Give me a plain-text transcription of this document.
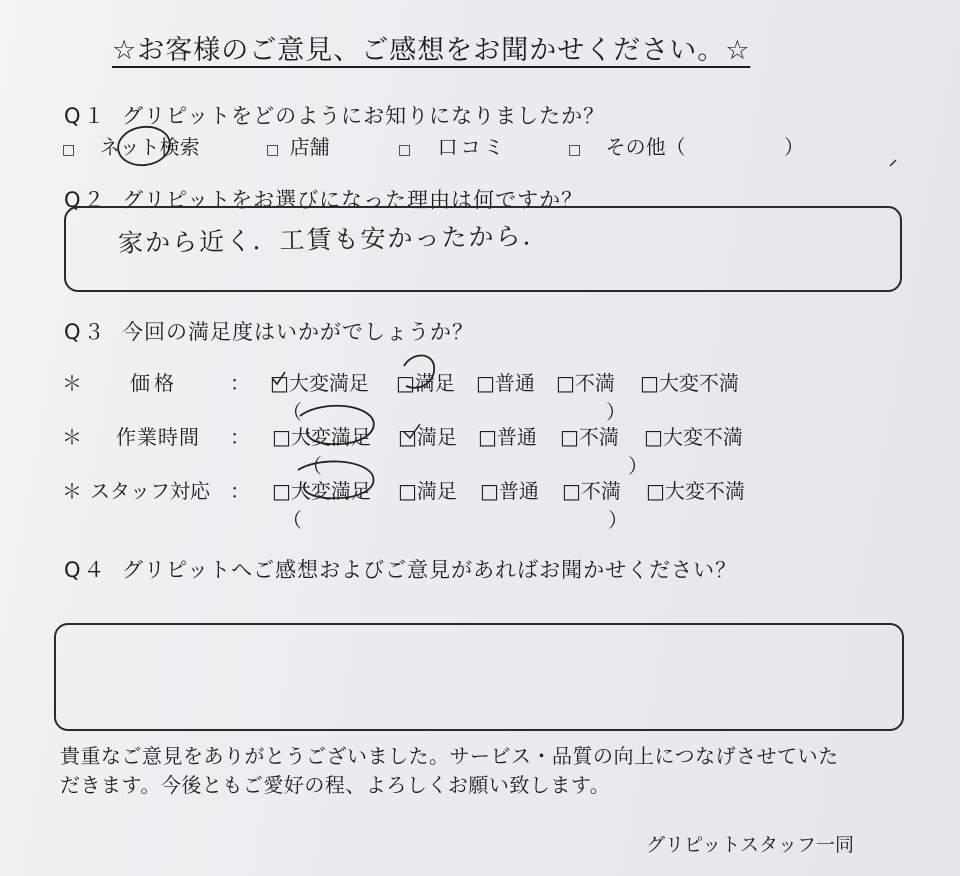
☆お客様のご意見、ご感想をお聞かせください。☆
Q１ グリピットをどのようにお知りになりましたか？
□ ネット検索	□ 店舗	□ 口コミ	□ その他（	）
Q２ グリピットをお選びになった理由は何ですか？
家から近く．工賃も安かったから．
Q３ 今回の満足度はいかがでしょうか？
＊ 価格	： □大変満足 □満足 □普通 □不満 □大変不満
（	）
＊ 作業時間 ： □大変満足 □満足 □普通 □不満 □大変不満
（	）
＊ スタッフ対応 ： □大変満足 □満足 □普通 □不満 □大変不満
（	）
Q４ グリピットへご感想およびご意見があればお聞かせください？
貴重なご意見をありがとうございました。サービス・品質の向上につなげさせていた
だきます。今後ともご愛好の程、よろしくお願い致します。
グリピットスタッフ一同
